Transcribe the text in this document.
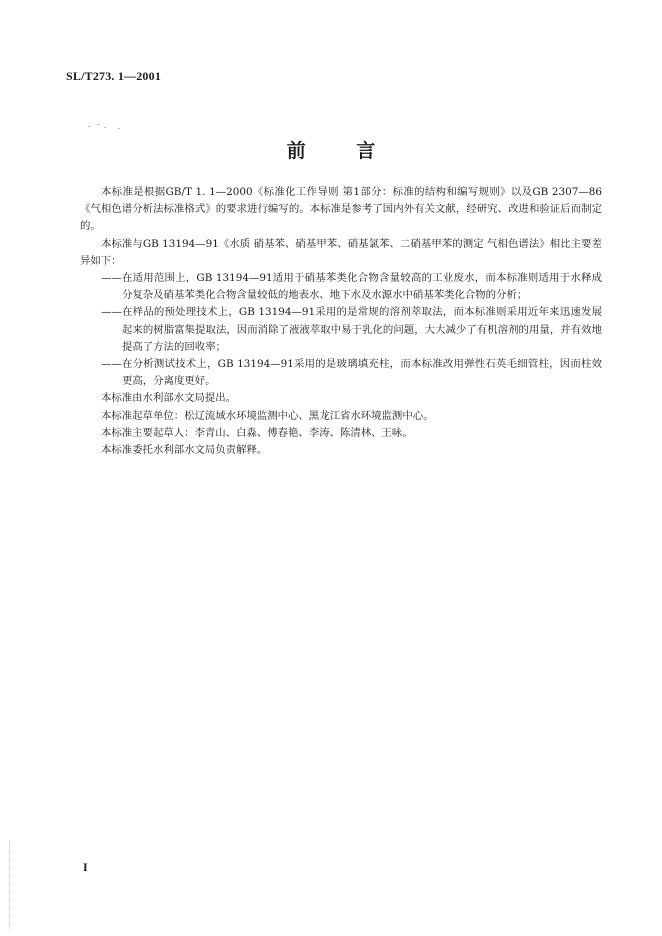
SL/T273. 1—2001
前 言

本标准是根据GB/T 1. 1—2000《标准化工作导则 第1部分：标准的结构和编写规则》以及GB 2307—86《气相色谱分析法标准格式》的要求进行编写的。本标准是参考了国内外有关文献，经研究、改进和验证后而制定的。

本标准与GB 13194—91《水质 硝基苯、硝基甲苯、硝基氯苯、二硝基甲苯的测定 气相色谱法》相比主要差异如下：

——在适用范围上，GB 13194—91适用于硝基苯类化合物含量较高的工业废水，而本标准则适用于水释成分复杂及硝基苯类化合物含量较低的地表水、地下水及水源水中硝基苯类化合物的分析；

——在样品的预处理技术上，GB 13194—91采用的是常规的溶剂萃取法，而本标准则采用近年来迅速发展起来的树脂富集提取法，因而消除了液液萃取中易于乳化的问题，大大减少了有机溶剂的用量，并有效地提高了方法的回收率；

——在分析测试技术上，GB 13194—91采用的是玻璃填充柱，而本标准改用弹性石英毛细管柱，因而柱效更高，分离度更好。

本标准由水利部水文局提出。

本标准起草单位：松辽流域水环境监测中心、黑龙江省水环境监测中心。

本标准主要起草人：李青山、白淼、傅春艳、李涛、陈清林、王咏。

本标准委托水利部水文局负责解释。

I
